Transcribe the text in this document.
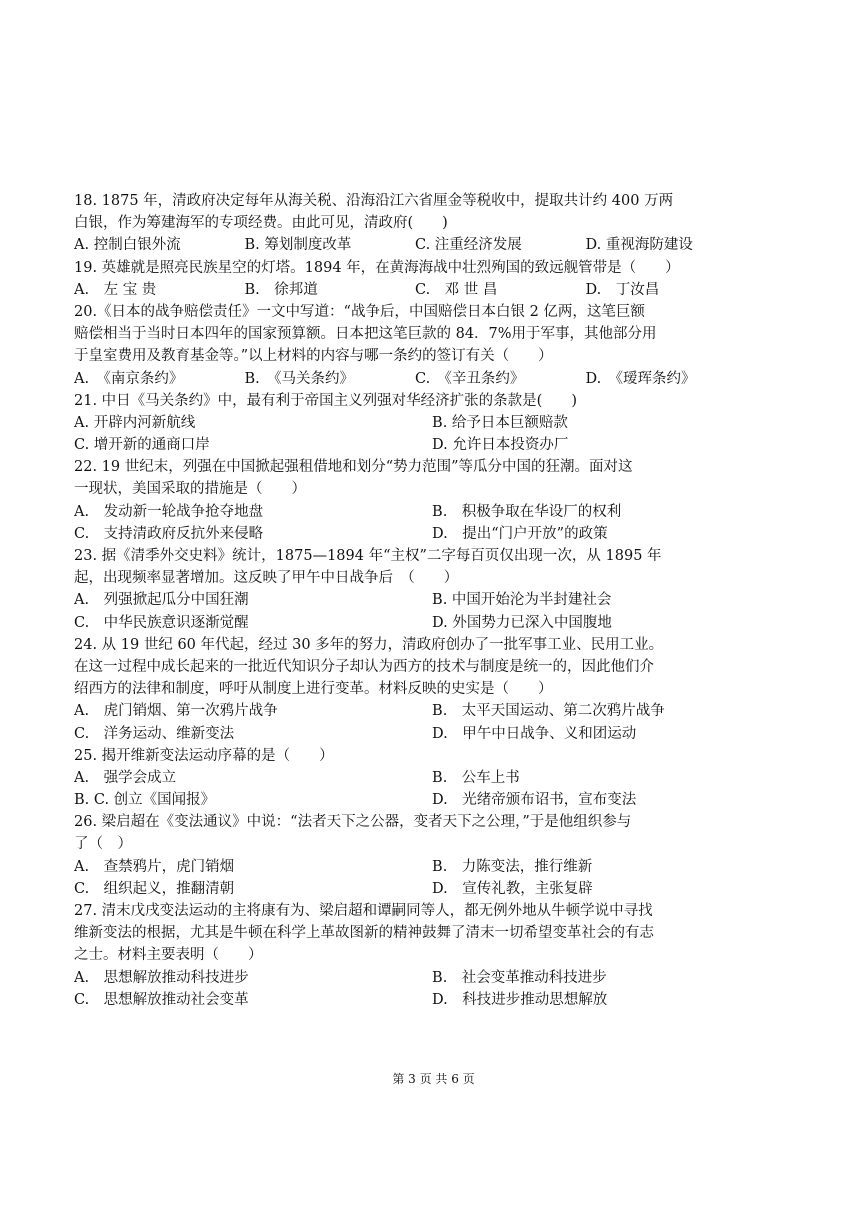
18. 1875 年，清政府决定每年从海关税、沿海沿江六省厘金等税收中，提取共计约 400 万两
白银，作为筹建海军的专项经费。由此可见，清政府(　　)
A. 控制白银外流	B. 筹划制度改革	C. 注重经济发展	D. 重视海防建设
19. 英雄就是照亮民族星空的灯塔。1894 年，在黄海海战中壮烈殉国的致远舰管带是（　　）
A.　左 宝 贵	B.　徐邦道	C.　邓 世 昌	D.　丁汝昌
20.《日本的战争赔偿责任》一文中写道：“战争后，中国赔偿日本白银 2 亿两，这笔巨额
赔偿相当于当时日本四年的国家预算额。日本把这笔巨款的 84．7%用于军事，其他部分用
于皇室费用及教育基金等。”以上材料的内容与哪一条约的签订有关（　　）
A.　《南京条约》	B.　《马关条约》	C.　《辛丑条约》	D.　《瑷珲条约》
21. 中日《马关条约》中，最有利于帝国主义列强对华经济扩张的条款是(　　)
A. 开辟内河新航线	B. 给予日本巨额赔款
C. 增开新的通商口岸	D. 允许日本投资办厂
22. 19 世纪末，列强在中国掀起强租借地和划分“势力范围”等瓜分中国的狂潮。面对这
一现状，美国采取的措施是（　　）
A.　发动新一轮战争抢夺地盘	B.　积极争取在华设厂的权利
C.　支持清政府反抗外来侵略	D.　提出“门户开放”的政策
23. 据《清季外交史料》统计，1875—1894 年“主权”二字每百页仅出现一次，从 1895 年
起，出现频率显著增加。这反映了甲午中日战争后　（　　）
A.　列强掀起瓜分中国狂潮	B. 中国开始沦为半封建社会
C.　中华民族意识逐渐觉醒	D. 外国势力已深入中国腹地
24. 从 19 世纪 60 年代起，经过 30 多年的努力，清政府创办了一批军事工业、民用工业。
在这一过程中成长起来的一批近代知识分子却认为西方的技术与制度是统一的，因此他们介
绍西方的法律和制度，呼吁从制度上进行变革。材料反映的史实是（　　）
A.　虎门销烟、第一次鸦片战争	B.　太平天国运动、第二次鸦片战争
C.　洋务运动、维新变法	D.　甲午中日战争、义和团运动
25. 揭开维新变法运动序幕的是（　　）
A.　强学会成立	B.　公车上书
B. C. 创立《国闻报》	D.　光绪帝颁布诏书，宣布变法
26. 梁启超在《变法通议》中说：“法者天下之公器，变者天下之公理，”于是他组织参与
了（　）
A.　查禁鸦片，虎门销烟	B.　力陈变法，推行维新
C.　组织起义，推翻清朝	D.　宣传礼教，主张复辟
27. 清末戊戌变法运动的主将康有为、梁启超和谭嗣同等人，都无例外地从牛顿学说中寻找
维新变法的根据，尤其是牛顿在科学上革故图新的精神鼓舞了清末一切希望变革社会的有志
之士。材料主要表明（　　）
A.　思想解放推动科技进步	B.　社会变革推动科技进步
C.　思想解放推动社会变革	D.　科技进步推动思想解放
第 3 页 共 6 页
